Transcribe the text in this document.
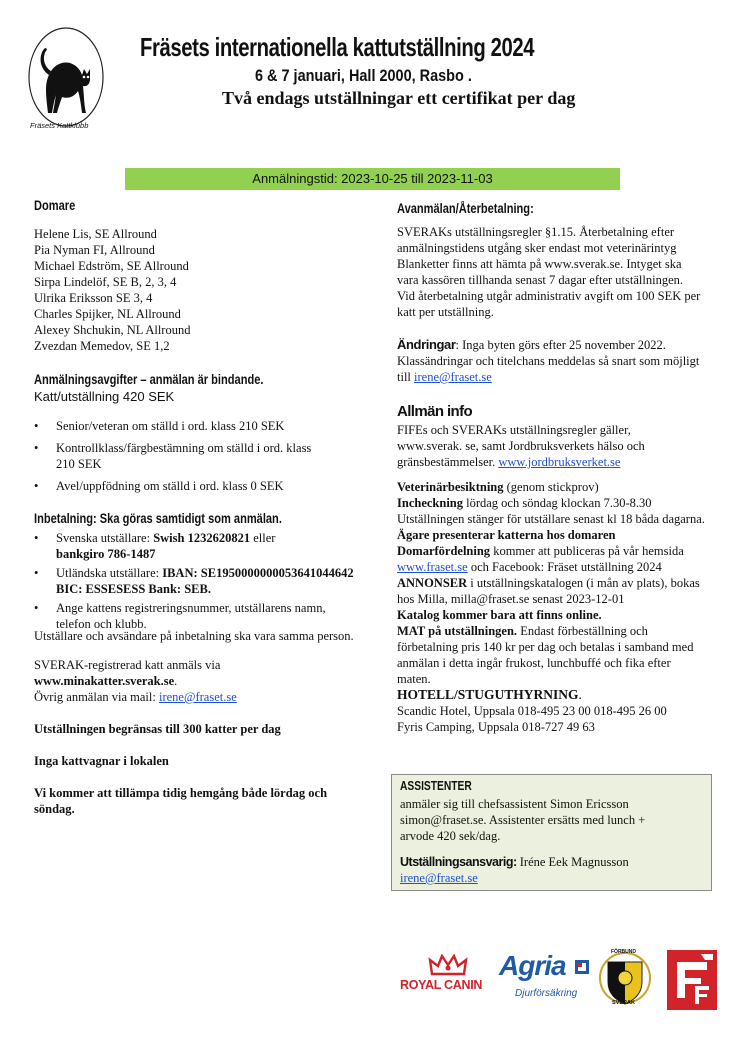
Fräsets Kattklubb
Fräsets internationella kattutställning 2024
6 & 7 januari, Hall 2000, Rasbo .
Två endags utställningar ett certifikat per dag
Anmälningstid: 2023-10-25 till 2023-11-03
Domare
Helene Lis, SE Allround
Pia Nyman FI, Allround
Michael Edström, SE Allround
Sirpa Lindelöf, SE B, 2, 3, 4
Ulrika Eriksson SE 3, 4
Charles Spijker, NL Allround
Alexey Shchukin, NL Allround
Zvezdan Memedov, SE 1,2
Anmälningsavgifter – anmälan är bindande.
Katt/utställning 420 SEK
• Senior/veteran om ställd i ord. klass 210 SEK
• Kontrollklass/färgbestämning om ställd i ord. klass 210 SEK
• Avel/uppfödning om ställd i ord. klass 0 SEK
Inbetalning: Ska göras samtidigt som anmälan.
• Svenska utställare: Swish 1232620821 eller
bankgiro 786-1487
• Utländska utställare: IBAN: SE1950000000053641044642
BIC: ESSESESS Bank: SEB.
• Ange kattens registreringsnummer, utställarens namn, telefon och klubb.
Utställare och avsändare på inbetalning ska vara samma person.
SVERAK-registrerad katt anmäls via
www.minakatter.sverak.se.
Övrig anmälan via mail: irene@fraset.se
Utställningen begränsas till 300 katter per dag
Inga kattvagnar i lokalen
Vi kommer att tillämpa tidig hemgång både lördag och söndag.
Avanmälan/Återbetalning:
SVERAKs utställningsregler §1.15. Återbetalning efter anmälningstidens utgång sker endast mot veterinärintyg Blanketter finns att hämta på www.sverak.se. Intyget ska vara kassören tillhanda senast 7 dagar efter utställningen. Vid återbetalning utgår administrativ avgift om 100 SEK per katt per utställning.
Ändringar: Inga byten görs efter 25 november 2022.
Klassändringar och titelchans meddelas så snart som möjligt till irene@fraset.se
Allmän info
FIFEs och SVERAKs utställningsregler gäller, www.sverak. se, samt Jordbruksverkets hälso och gränsbestämmelser. www.jordbruksverket.se
Veterinärbesiktning (genom stickprov)
Incheckning lördag och söndag klockan 7.30-8.30
Utställningen stänger för utställare senast kl 18 båda dagarna.
Ägare presenterar katterna hos domaren
Domarfördelning kommer att publiceras på vår hemsida www.fraset.se och Facebook: Fräset utställning 2024
ANNONSER i utställningskatalogen (i mån av plats), bokas hos Milla, milla@fraset.se senast 2023-12-01
Katalog kommer bara att finns online.
MAT på utställningen. Endast förbeställning och förbetalning pris 140 kr per dag och betalas i samband med anmälan i detta ingår frukost, lunchbuffé och fika efter maten.
HOTELL/STUGUTHYRNING.
Scandic Hotel, Uppsala 018-495 23 00 018-495 26 00
Fyris Camping, Uppsala 018-727 49 63
ASSISTENTER
anmäler sig till chefsassistent Simon Ericsson simon@fraset.se. Assistenter ersätts med lunch + arvode 420 sek/dag.
Utställningsansvarig: Iréne Eek Magnusson
irene@fraset.se
ROYAL CANIN
Agria
Djurförsäkring
FÖRBUND
SVERAK
